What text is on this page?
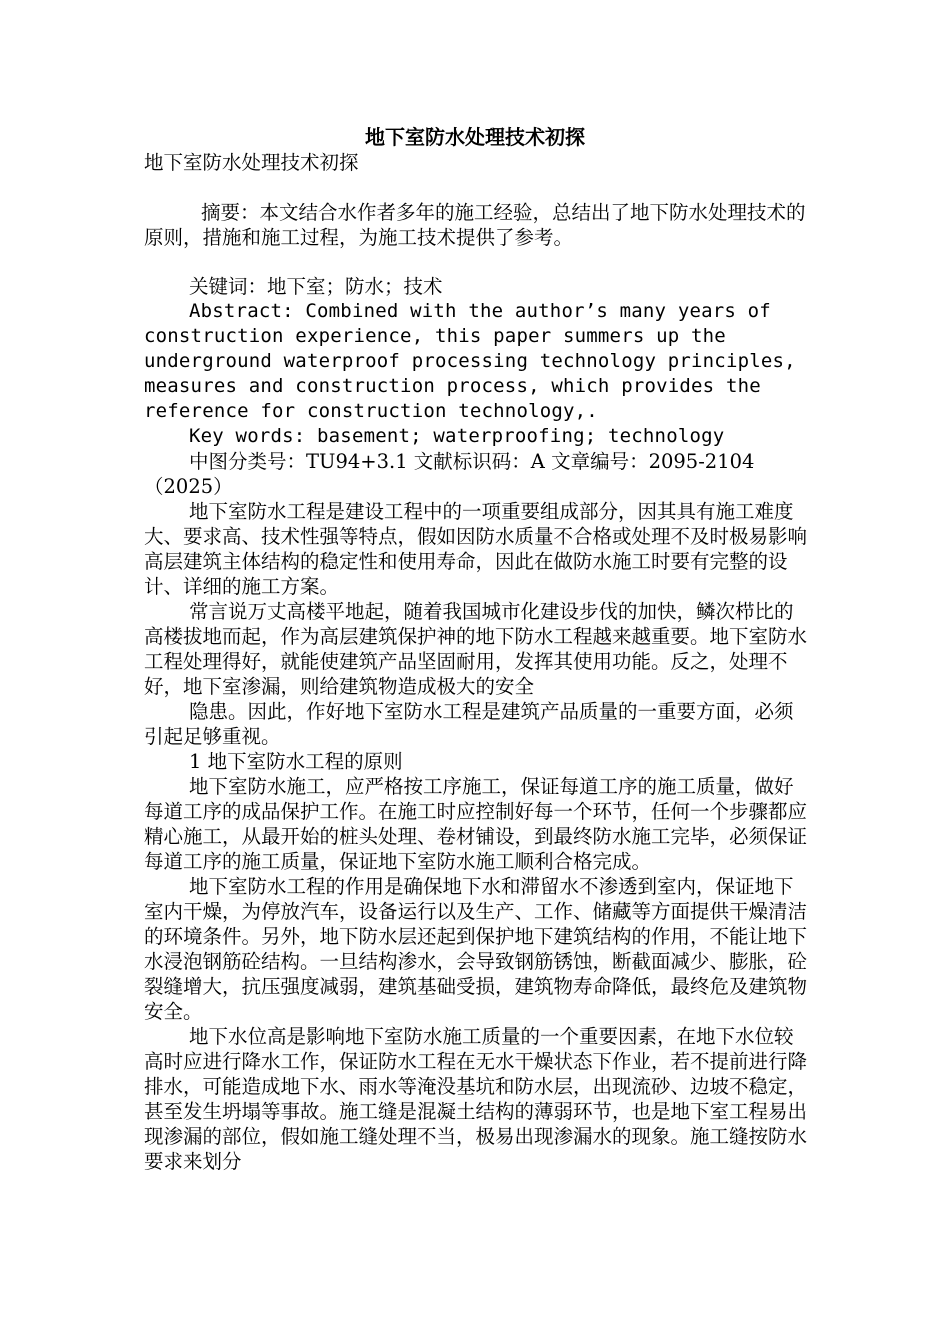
地下室防水处理技术初探
地下室防水处理技术初探
摘要：本文结合水作者多年的施工经验，总结出了地下防水处理技术的原则，措施和施工过程，为施工技术提供了参考。

关键词：地下室；防水；技术

Abstract: Combined with the author’s many years of construction experience, this paper summers up the underground waterproof processing technology principles, measures and construction process, which provides the reference for construction technology,.

Key words: basement; waterproofing; technology

中图分类号：TU94+3.1 文献标识码：A 文章编号：2095-2104（2025）

地下室防水工程是建设工程中的一项重要组成部分，因其具有施工难度大、要求高、技术性强等特点，假如因防水质量不合格或处理不及时极易影响高层建筑主体结构的稳定性和使用寿命，因此在做防水施工时要有完整的设计、详细的施工方案。

常言说万丈高楼平地起，随着我国城市化建设步伐的加快，鳞次栉比的高楼拔地而起，作为高层建筑保护神的地下防水工程越来越重要。地下室防水工程处理得好，就能使建筑产品坚固耐用，发挥其使用功能。反之，处理不好，地下室渗漏，则给建筑物造成极大的安全

隐患。因此，作好地下室防水工程是建筑产品质量的一重要方面，必须引起足够重视。

1 地下室防水工程的原则

地下室防水施工，应严格按工序施工，保证每道工序的施工质量，做好每道工序的成品保护工作。在施工时应控制好每一个环节，任何一个步骤都应精心施工，从最开始的桩头处理、卷材铺设，到最终防水施工完毕，必须保证每道工序的施工质量，保证地下室防水施工顺利合格完成。

地下室防水工程的作用是确保地下水和滞留水不渗透到室内，保证地下室内干燥，为停放汽车，设备运行以及生产、工作、储藏等方面提供干燥清洁的环境条件。另外，地下防水层还起到保护地下建筑结构的作用，不能让地下水浸泡钢筋砼结构。一旦结构渗水，会导致钢筋锈蚀，断截面减少、膨胀，砼裂缝增大，抗压强度减弱，建筑基础受损，建筑物寿命降低，最终危及建筑物安全。

地下水位高是影响地下室防水施工质量的一个重要因素，在地下水位较高时应进行降水工作，保证防水工程在无水干燥状态下作业，若不提前进行降排水，可能造成地下水、雨水等淹没基坑和防水层，出现流砂、边坡不稳定，甚至发生坍塌等事故。施工缝是混凝土结构的薄弱环节，也是地下室工程易出现渗漏的部位，假如施工缝处理不当，极易出现渗漏水的现象。施工缝按防水要求来划分
